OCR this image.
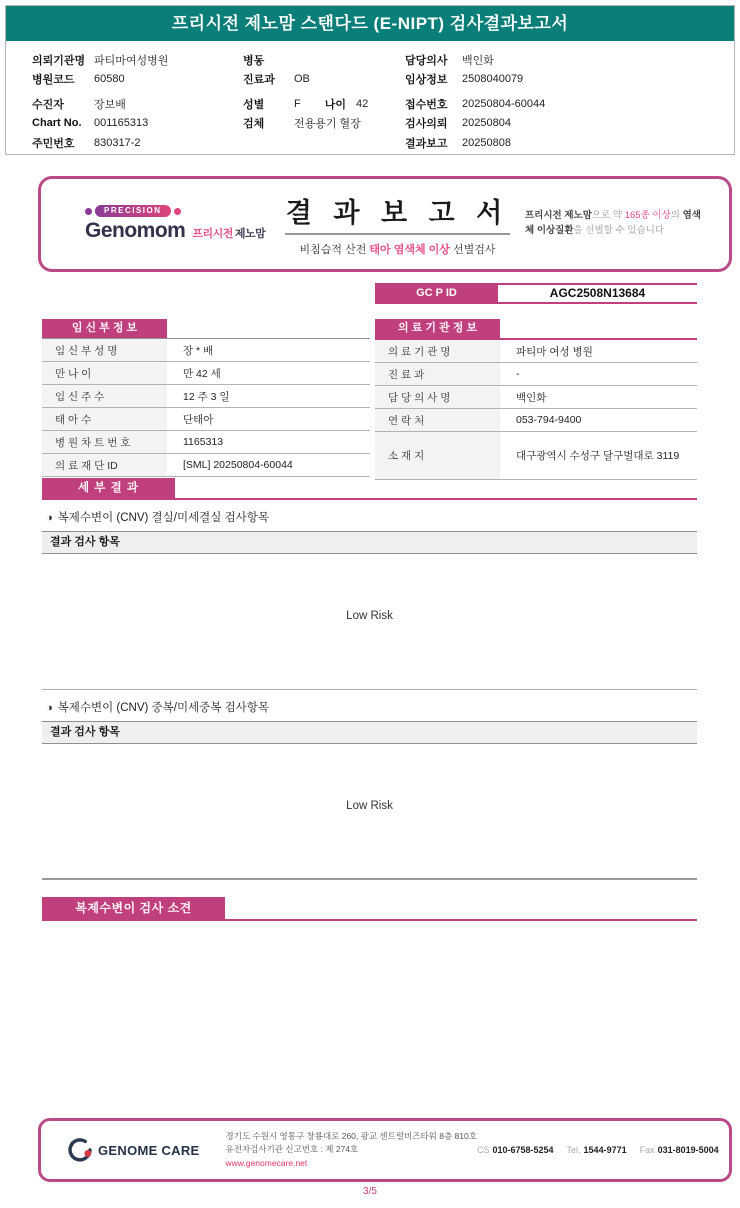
프리시전 제노맘 스탠다드 (E-NIPT) 검사결과보고서
의뢰기관명 파티마여성병원
병원코드	60580
수진자	장보배
Chart No.	001165313
주민번호	830317-2
병동
진료과	OB
성별	F 나이 42
검체	전용용기 혈장
담당의사	백인화
임상정보	2508040079
접수번호	20250804-60044
검사의뢰	20250804
결과보고	20250808
PRECISION
Genomom 프리시전 제노맘
결 과 보 고 서
비침습적 산전 태아 염색체 이상 선별검사
프리시전 제노맘으로 약 165종 이상의 염색체 이상질환을 선별할 수 있습니다
GC P ID	AGC2508N13684
임 신 부 정 보
임 신 부 성 명	장 * 배
만 나 이	만 42 세
임 신 주 수	12 주 3 일
태 아 수	단태아
병 원 차 트 번 호	1165313
의 료 재 단 ID	[SML] 20250804-60044
의 료 기 관 정 보
의 료 기 관 명	파티마 여성 병원
진 료 과	-
담 당 의 사 명	백인화
연 락 처	053-794-9400
소 재 지	대구광역시 수성구 달구벌대로 3119
세 부 결 과
◑ 복제수변이 (CNV) 결실/미세결실 검사항목
결과 검사 항목
Low Risk
◑ 복제수변이 (CNV) 중복/미세중복 검사항목
결과 검사 항목
Low Risk
복제수변이 검사 소견
GENOME CARE
경기도 수원시 영통구 창룡대로 260, 광교 센트럴비즈타워 8층 810호
유전자검사기관 신고번호 : 제 274호
www.genomecare.net
CS 010-6758-5254 Tel. 1544-9771 Fax 031-8019-5004
3/5
